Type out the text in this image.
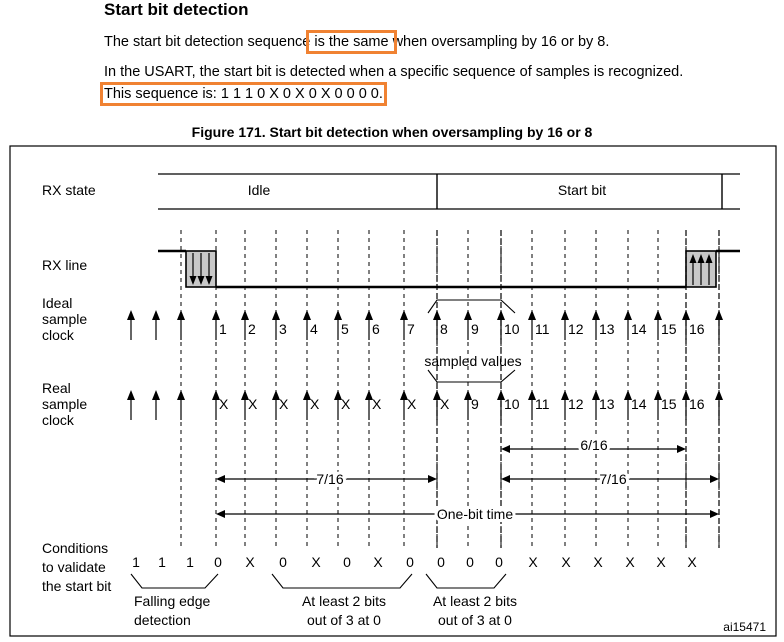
Start bit detection
The start bit detection sequence is the same when oversampling by 16 or by 8.
In the USART, the start bit is detected when a specific sequence of samples is recognized.
This sequence is: 1 1 1 0 X 0 X 0 X 0 0 0 0.
Figure 171. Start bit detection when oversampling by 16 or 8
RX state
RX line
Ideal
sample
clock
Real
sample
clock
Conditions
to validate
the start bit
Idle	Start bit
1 2 3 4 5 6 7 8 9 10 11 12 13 14 15 16
sampled values
X X X X X X X X 9 10 11 12 13 14 15 16
6/16
7/16	7/16
One-bit time
1 1 1 0 X 0 X 0 X 0 0 0 0 X X X X X X
Falling edge
detection
At least 2 bits
out of 3 at 0
At least 2 bits
out of 3 at 0	ai15471
